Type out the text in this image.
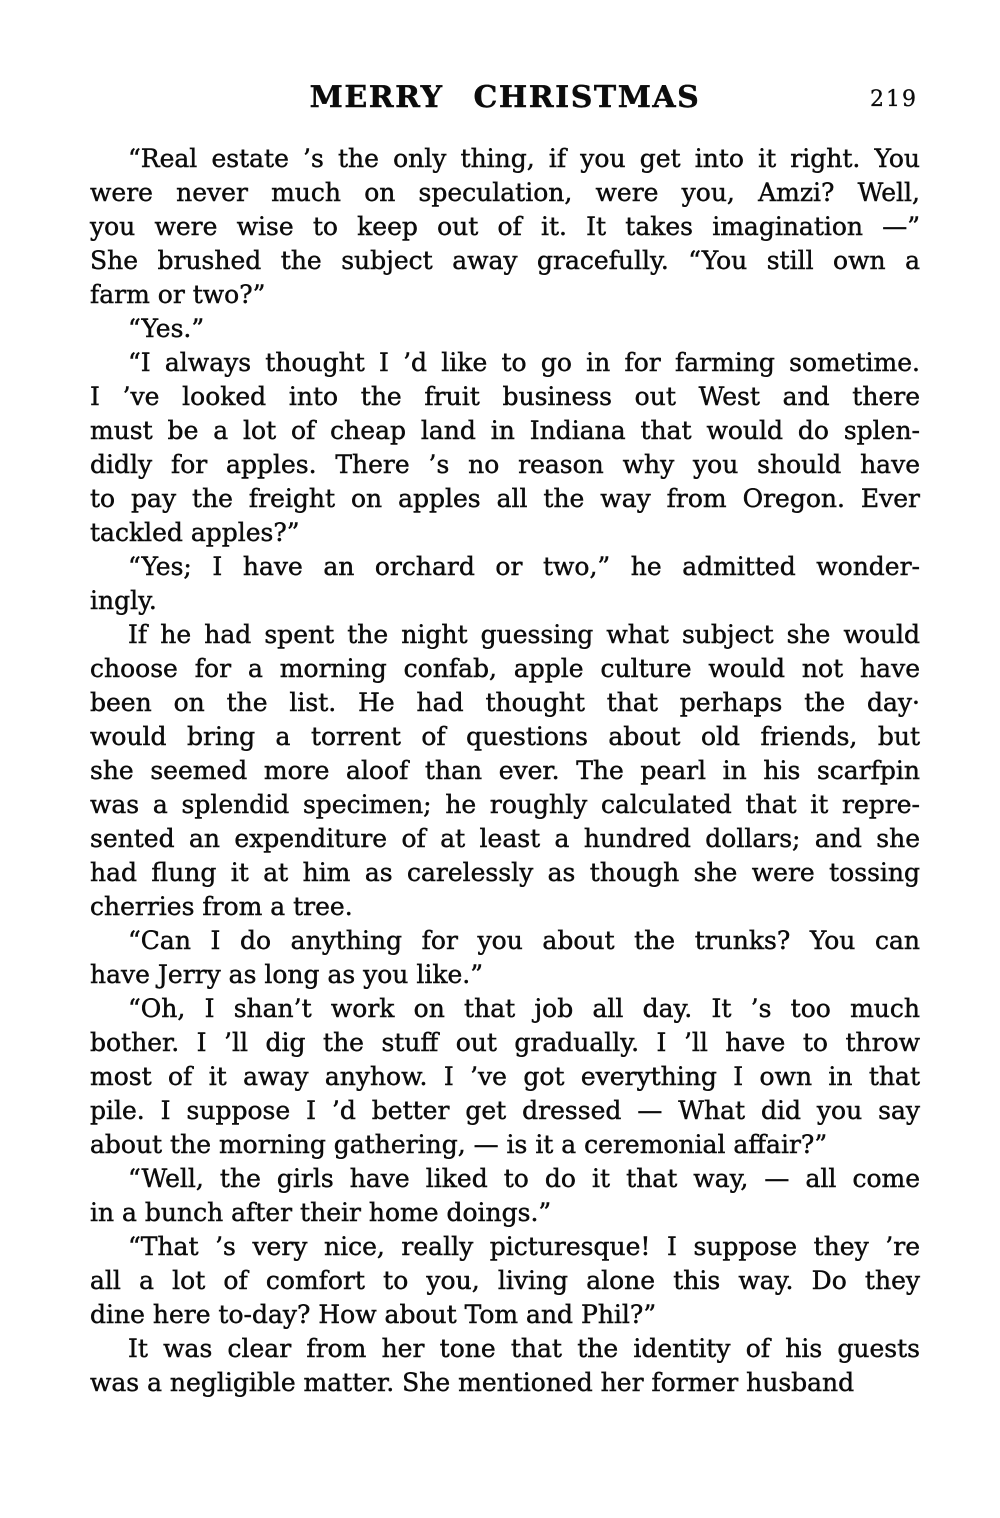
MERRY CHRISTMAS	219
“Real estate ’s the only thing, if you get into it right. You
were never much on speculation, were you, Amzi? Well,
you were wise to keep out of it. It takes imagination —”
She brushed the subject away gracefully. “You still own a
farm or two?”
“Yes.”
“I always thought I ’d like to go in for farming sometime.
I ’ve looked into the fruit business out West and there
must be a lot of cheap land in Indiana that would do splen-
didly for apples. There ’s no reason why you should have
to pay the freight on apples all the way from Oregon. Ever
tackled apples?”
“Yes; I have an orchard or two,” he admitted wonder-
ingly.
If he had spent the night guessing what subject she would
choose for a morning confab, apple culture would not have
been on the list. He had thought that perhaps the day·
would bring a torrent of questions about old friends, but
she seemed more aloof than ever. The pearl in his scarfpin
was a splendid specimen; he roughly calculated that it repre-
sented an expenditure of at least a hundred dollars; and she
had flung it at him as carelessly as though she were tossing
cherries from a tree.
“Can I do anything for you about the trunks? You can
have Jerry as long as you like.”
“Oh, I shan’t work on that job all day. It ’s too much
bother. I ’ll dig the stuff out gradually. I ’ll have to throw
most of it away anyhow. I ’ve got everything I own in that
pile. I suppose I ’d better get dressed — What did you say
about the morning gathering, — is it a ceremonial affair?”
“Well, the girls have liked to do it that way, — all come
in a bunch after their home doings.”
“That ’s very nice, really picturesque! I suppose they ’re
all a lot of comfort to you, living alone this way. Do they
dine here to-day? How about Tom and Phil?”
It was clear from her tone that the identity of his guests
was a negligible matter. She mentioned her former husband
